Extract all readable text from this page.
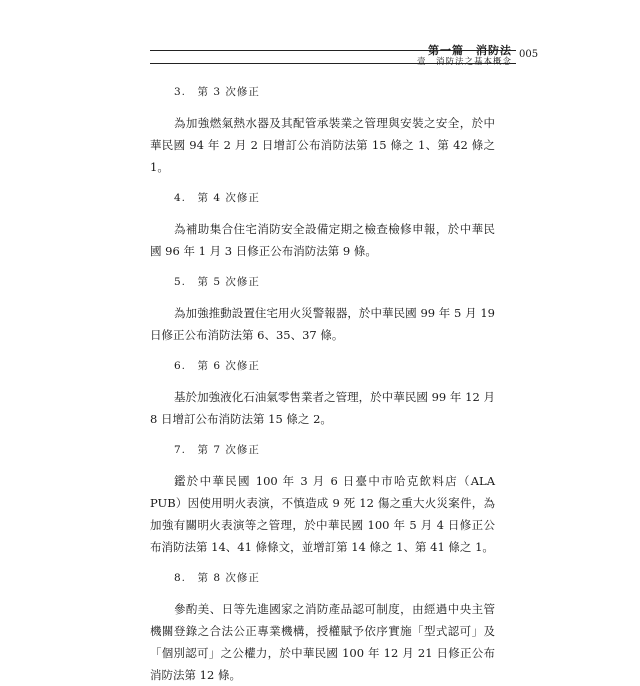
第一篇　消防法
壹　消防法之基本概念
005

3.　第 3 次修正

為加強燃氣熱水器及其配管承裝業之管理與安裝之安全，於中華民國 94 年 2 月 2 日增訂公布消防法第 15 條之 1、第 42 條之 1。

4.　第 4 次修正

為補助集合住宅消防安全設備定期之檢查檢修申報，於中華民國 96 年 1 月 3 日修正公布消防法第 9 條。

5.　第 5 次修正

為加強推動設置住宅用火災警報器，於中華民國 99 年 5 月 19 日修正公布消防法第 6、35、37 條。

6.　第 6 次修正

基於加強液化石油氣零售業者之管理，於中華民國 99 年 12 月 8 日增訂公布消防法第 15 條之 2。

7.　第 7 次修正

鑑於中華民國 100 年 3 月 6 日臺中市哈克飲料店（ALA PUB）因使用明火表演，不慎造成 9 死 12 傷之重大火災案件，為加強有關明火表演等之管理，於中華民國 100 年 5 月 4 日修正公布消防法第 14、41 條條文，並增訂第 14 條之 1、第 41 條之 1。

8.　第 8 次修正

參酌美、日等先進國家之消防產品認可制度，由經過中央主管機關登錄之合法公正專業機構，授權賦予依序實施「型式認可」及「個別認可」之公權力，於中華民國 100 年 12 月 21 日修正公布消防法第 12 條。
